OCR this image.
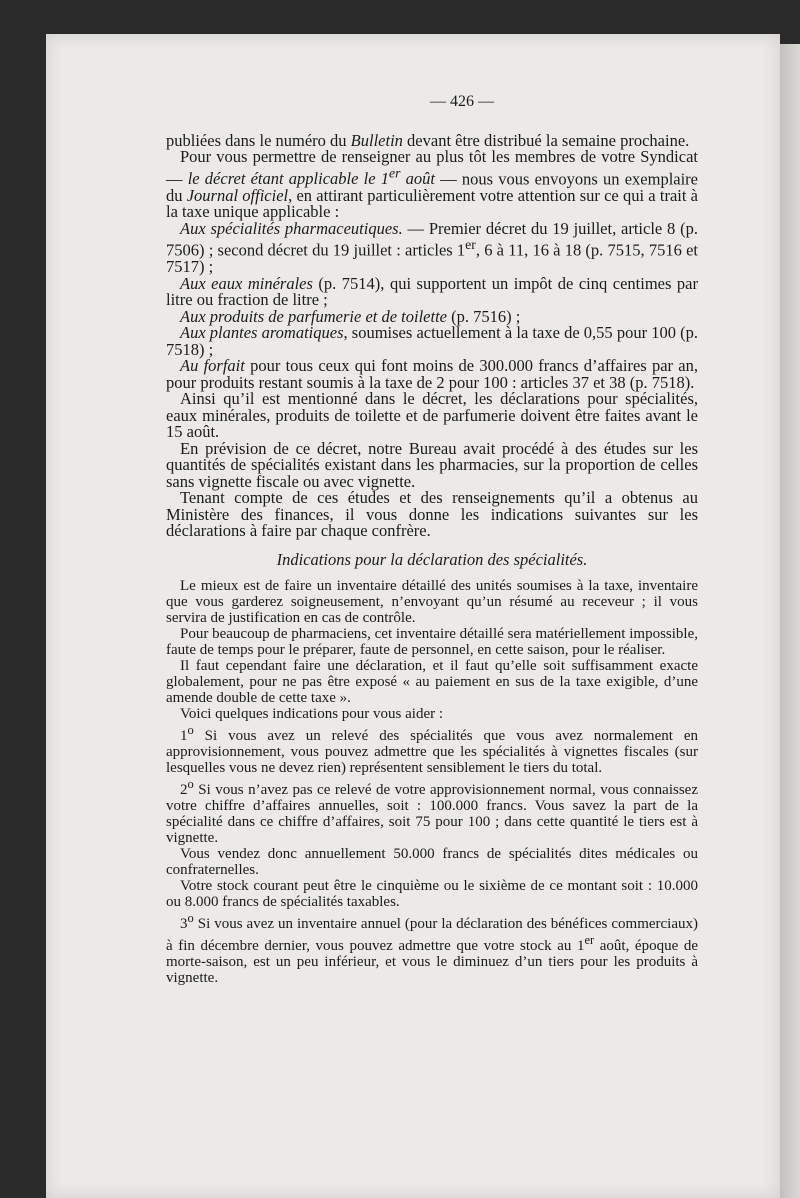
— 426 —

publiées dans le numéro du Bulletin devant être distribué la semaine prochaine.

Pour vous permettre de renseigner au plus tôt les membres de votre Syndicat — le décret étant applicable le 1er août — nous vous envoyons un exemplaire du Journal officiel, en attirant particulièrement votre attention sur ce qui a trait à la taxe unique applicable :

Aux spécialités pharmaceutiques. — Premier décret du 19 juillet, article 8 (p. 7506) ; second décret du 19 juillet : articles 1er, 6 à 11, 16 à 18 (p. 7515, 7516 et 7517) ;

Aux eaux minérales (p. 7514), qui supportent un impôt de cinq centimes par litre ou fraction de litre ;

Aux produits de parfumerie et de toilette (p. 7516) ;

Aux plantes aromatiques, soumises actuellement à la taxe de 0,55 pour 100 (p. 7518) ;

Au forfait pour tous ceux qui font moins de 300.000 francs d’affaires par an, pour produits restant soumis à la taxe de 2 pour 100 : articles 37 et 38 (p. 7518).

Ainsi qu’il est mentionné dans le décret, les déclarations pour spécialités, eaux minérales, produits de toilette et de parfumerie doivent être faites avant le 15 août.

En prévision de ce décret, notre Bureau avait procédé à des études sur les quantités de spécialités existant dans les pharmacies, sur la proportion de celles sans vignette fiscale ou avec vignette.

Tenant compte de ces études et des renseignements qu’il a obtenus au Ministère des finances, il vous donne les indications suivantes sur les déclarations à faire par chaque confrère.

Indications pour la déclaration des spécialités.

Le mieux est de faire un inventaire détaillé des unités soumises à la taxe, inventaire que vous garderez soigneusement, n’envoyant qu’un résumé au receveur ; il vous servira de justification en cas de contrôle.

Pour beaucoup de pharmaciens, cet inventaire détaillé sera matériellement impossible, faute de temps pour le préparer, faute de personnel, en cette saison, pour le réaliser.

Il faut cependant faire une déclaration, et il faut qu’elle soit suffisamment exacte globalement, pour ne pas être exposé « au paiement en sus de la taxe exigible, d’une amende double de cette taxe ».

Voici quelques indications pour vous aider :

1$^o$ Si vous avez un relevé des spécialités que vous avez normalement en approvisionnement, vous pouvez admettre que les spécialités à vignettes fiscales (sur lesquelles vous ne devez rien) représentent sensiblement le tiers du total.

2$^o$ Si vous n’avez pas ce relevé de votre approvisionnement normal, vous connaissez votre chiffre d’affaires annuelles, soit : 100.000 francs. Vous savez la part de la spécialité dans ce chiffre d’affaires, soit 75 pour 100 ; dans cette quantité le tiers est à vignette.

Vous vendez donc annuellement 50.000 francs de spécialités dites médicales ou confraternelles.

Votre stock courant peut être le cinquième ou le sixième de ce montant soit : 10.000 ou 8.000 francs de spécialités taxables.

3$^o$ Si vous avez un inventaire annuel (pour la déclaration des bénéfices commerciaux) à fin décembre dernier, vous pouvez admettre que votre stock au 1er août, époque de morte-saison, est un peu inférieur, et vous le diminuez d’un tiers pour les produits à vignette.
